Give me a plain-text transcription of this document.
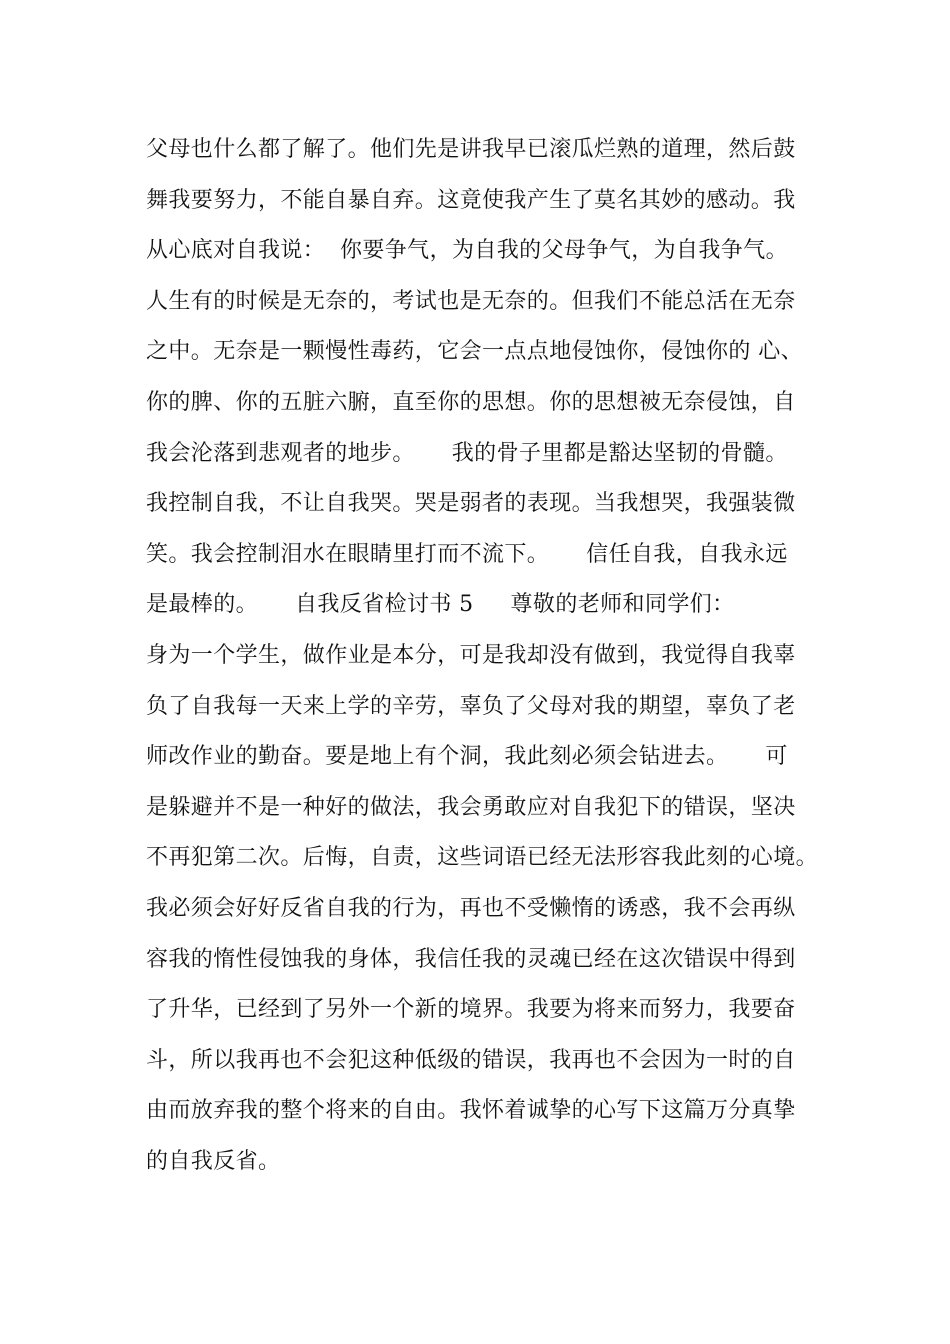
父母也什么都了解了。他们先是讲我早已滚瓜烂熟的道理，然后鼓
舞我要努力，不能自暴自弃。这竟使我产生了莫名其妙的感动。我
从心底对自我说：  你要争气，为自我的父母争气，为自我争气。
人生有的时候是无奈的，考试也是无奈的。但我们不能总活在无奈
之中。无奈是一颗慢性毒药，它会一点点地侵蚀你，侵蚀你的 心、
你的脾、你的五脏六腑，直至你的思想。你的思想被无奈侵蚀，自
我会沦落到悲观者的地步。     我的骨子里都是豁达坚韧的骨髓。
我控制自我，不让自我哭。哭是弱者的表现。当我想哭，我强装微
笑。我会控制泪水在眼睛里打而不流下。     信任自我，自我永远
是最棒的。     自我反省检讨书 5     尊敬的老师和同学们：
身为一个学生，做作业是本分，可是我却没有做到，我觉得自我辜
负了自我每一天来上学的辛劳，辜负了父母对我的期望，辜负了老
师改作业的勤奋。要是地上有个洞，我此刻必须会钻进去。     可
是躲避并不是一种好的做法，我会勇敢应对自我犯下的错误，坚决
不再犯第二次。后悔，自责，这些词语已经无法形容我此刻的心境。
我必须会好好反省自我的行为，再也不受懒惰的诱惑，我不会再纵
容我的惰性侵蚀我的身体，我信任我的灵魂已经在这次错误中得到
了升华，已经到了另外一个新的境界。我要为将来而努力，我要奋
斗，所以我再也不会犯这种低级的错误，我再也不会因为一时的自
由而放弃我的整个将来的自由。我怀着诚挚的心写下这篇万分真挚
的自我反省。
